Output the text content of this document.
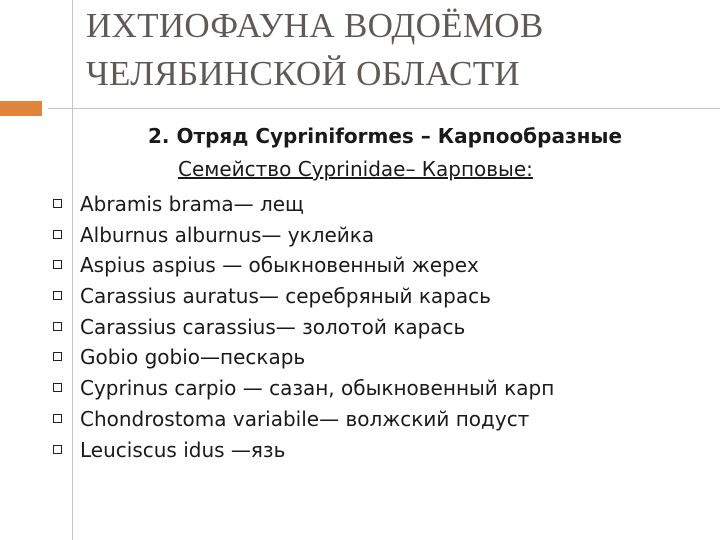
ИХТИОФАУНА ВОДОЁМОВ
ЧЕЛЯБИНСКОЙ ОБЛАСТИ
2. Отряд Cypriniformes – Карпообразные
Семейство Cyprinidae– Карповые:
Abramis brama— лещ
Alburnus alburnus— уклейка
Aspius aspius — обыкновенный жерех
Carassius auratus— серебряный карась
Carassius carassius— золотой карась
Gobio gobio—пескарь
Cyprinus carpio — сазан, обыкновенный карп
Chondrostoma variabile— волжский подуст
Leuciscus idus —язь
